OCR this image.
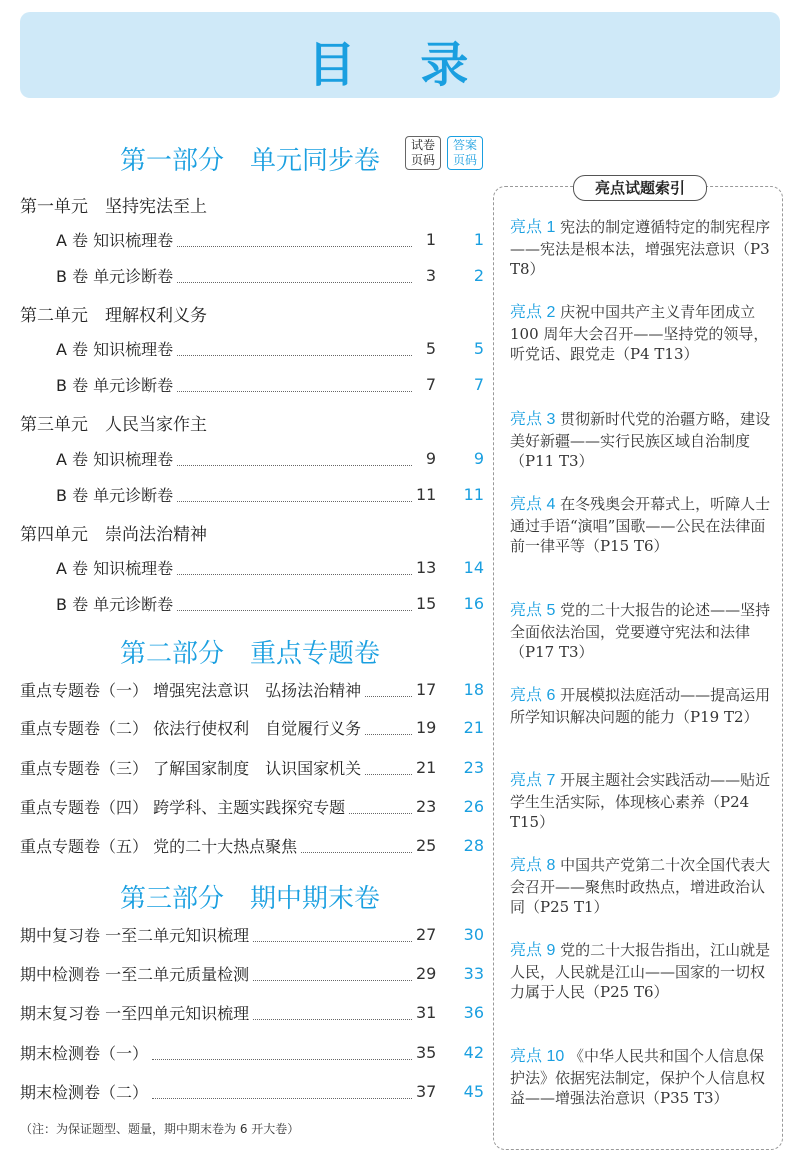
目 录
第一部分　单元同步卷
试卷
页码
答案
页码
第一单元　坚持宪法至上
A 卷 知识梳理卷	1	1
B 卷 单元诊断卷	3	2
第二单元　理解权利义务
A 卷 知识梳理卷	5	5
B 卷 单元诊断卷	7	7
第三单元　人民当家作主
A 卷 知识梳理卷	9	9
B 卷 单元诊断卷	11	11
第四单元　崇尚法治精神
A 卷 知识梳理卷	13	14
B 卷 单元诊断卷	15	16
第二部分　重点专题卷
重点专题卷（一） 增强宪法意识　弘扬法治精神	17	18
重点专题卷（二） 依法行使权利　自觉履行义务	19	21
重点专题卷（三） 了解国家制度　认识国家机关	21	23
重点专题卷（四） 跨学科、主题实践探究专题	23	26
重点专题卷（五） 党的二十大热点聚焦	25	28
第三部分　期中期末卷
期中复习卷 一至二单元知识梳理	27	30
期中检测卷 一至二单元质量检测	29	33
期末复习卷 一至四单元知识梳理	31	36
期末检测卷（一）	35	42
期末检测卷（二）	37	45
（注：为保证题型、题量，期中期末卷为 6 开大卷）
亮点试题索引
亮点 1 宪法的制定遵循特定的制宪程序——宪法是根本法，增强宪法意识（P3 T8）
亮点 2 庆祝中国共产主义青年团成立 100 周年大会召开——坚持党的领导，听党话、跟党走（P4 T13）
亮点 3 贯彻新时代党的治疆方略，建设美好新疆——实行民族区域自治制度（P11 T3）
亮点 4 在冬残奥会开幕式上，听障人士通过手语“演唱”国歌——公民在法律面前一律平等（P15 T6）
亮点 5 党的二十大报告的论述——坚持全面依法治国，党要遵守宪法和法律（P17 T3）
亮点 6 开展模拟法庭活动——提高运用所学知识解决问题的能力（P19 T2）
亮点 7 开展主题社会实践活动——贴近学生生活实际，体现核心素养（P24 T15）
亮点 8 中国共产党第二十次全国代表大会召开——聚焦时政热点，增进政治认同（P25 T1）
亮点 9 党的二十大报告指出，江山就是人民，人民就是江山——国家的一切权力属于人民（P25 T6）
亮点 10 《中华人民共和国个人信息保护法》依据宪法制定，保护个人信息权益——增强法治意识（P35 T3）
